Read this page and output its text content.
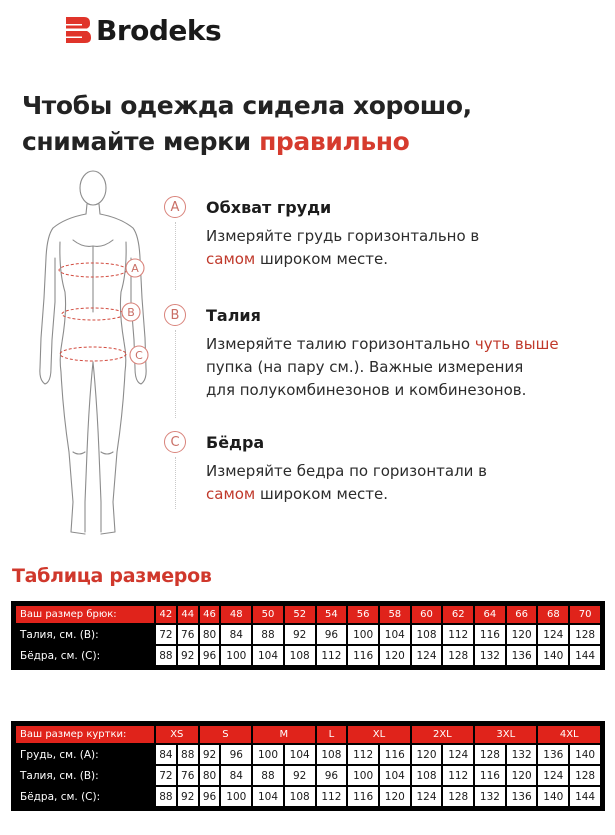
Brodeks
Чтобы одежда сидела хорошо,
снимайте мерки правильно
A
B
C
A	Обхват груди
Измеряйте грудь горизонтально в
самом широком месте.
B	Талия
Измеряйте талию горизонтально чуть выше
пупка (на пару см.). Важные измерения
для полукомбинезонов и комбинезонов.
C	Бёдра
Измеряйте бедра по горизонтали в
самом широком месте.
Таблица размеров
Ваш размер брюк:	42	44	46	48	50	52	54	56	58	60	62	64	66	68	70
Талия, см. (B):	72	76	80	84	88	92	96	100	104	108	112	116	120	124	128
Бёдра, см. (C):	88	92	96	100	104	108	112	116	120	124	128	132	136	140	144
Ваш размер куртки:	XS		S		M		L	XL		2XL		3XL		4XL	
Грудь, см. (A):	84	88	92	96	100	104	108	112	116	120	124	128	132	136	140
Талия, см. (B):	72	76	80	84	88	92	96	100	104	108	112	116	120	124	128
Бёдра, см. (C):	88	92	96	100	104	108	112	116	120	124	128	132	136	140	144
